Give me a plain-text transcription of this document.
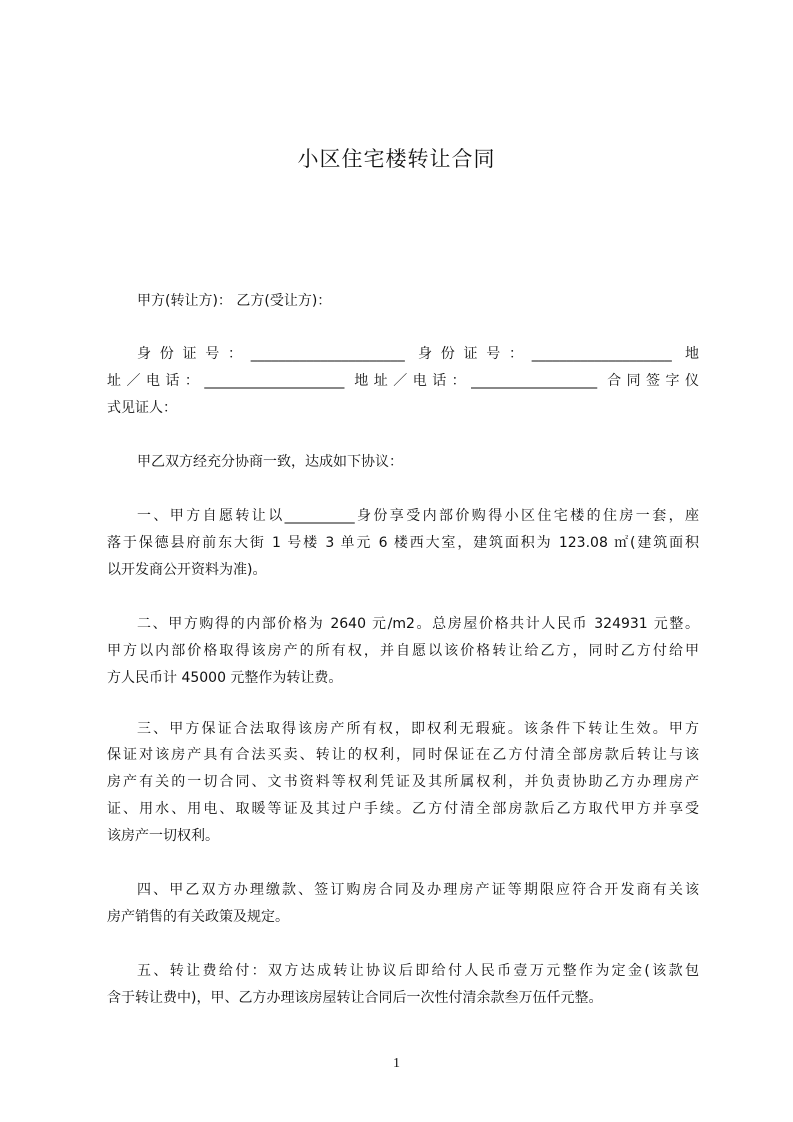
小区住宅楼转让合同
甲方(转让方)： 乙方(受让方)：
身份证号：______________________ 身份证号：____________________ 地
址／电话：____________________ 地址／电话：__________________ 合同签字仪
式见证人：
甲乙双方经充分协商一致，达成如下协议：
一、甲方自愿转让以__________身份享受内部价购得小区住宅楼的住房一套，座
落于保德县府前东大街 1 号楼 3 单元 6 楼西大室，建筑面积为 123.08 ㎡(建筑面积
以开发商公开资料为准)。
二、甲方购得的内部价格为 2640 元/m2。总房屋价格共计人民币 324931 元整。
甲方以内部价格取得该房产的所有权，并自愿以该价格转让给乙方，同时乙方付给甲
方人民币计 45000 元整作为转让费。
三、甲方保证合法取得该房产所有权，即权利无瑕疵。该条件下转让生效。甲方
保证对该房产具有合法买卖、转让的权利，同时保证在乙方付清全部房款后转让与该
房产有关的一切合同、文书资料等权利凭证及其所属权利，并负责协助乙方办理房产
证、用水、用电、取暖等证及其过户手续。乙方付清全部房款后乙方取代甲方并享受
该房产一切权利。
四、甲乙双方办理缴款、签订购房合同及办理房产证等期限应符合开发商有关该
房产销售的有关政策及规定。
五、转让费给付：双方达成转让协议后即给付人民币壹万元整作为定金(该款包
含于转让费中)，甲、乙方办理该房屋转让合同后一次性付清余款叁万伍仟元整。
1
